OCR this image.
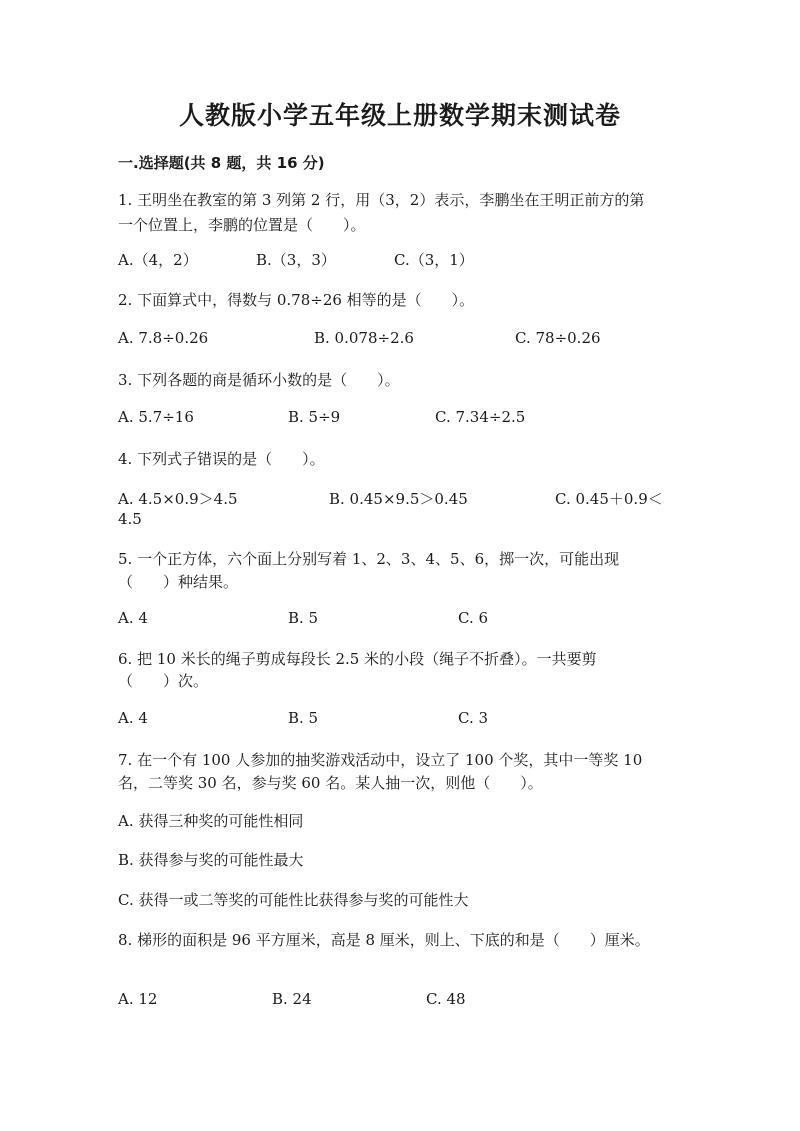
人教版小学五年级上册数学期末测试卷
一.选择题(共 8 题，共 16 分)
1. 王明坐在教室的第 3 列第 2 行，用（3，2）表示，李鹏坐在王明正前方的第
一个位置上，李鹏的位置是（　　）。
A.（4，2）	B.（3，3）	C.（3，1）
2. 下面算式中，得数与 0.78÷26 相等的是（　　）。
A. 7.8÷0.26	B. 0.078÷2.6	C. 78÷0.26
3. 下列各题的商是循环小数的是（　　）。
A. 5.7÷16	B. 5÷9	C. 7.34÷2.5
4. 下列式子错误的是（　　）。
A. 4.5×0.9＞4.5	B. 0.45×9.5＞0.45	C. 0.45＋0.9＜
4.5
5. 一个正方体，六个面上分别写着 1、2、3、4、5、6，掷一次，可能出现
（　　）种结果。
A. 4	B. 5	C. 6
6. 把 10 米长的绳子剪成每段长 2.5 米的小段（绳子不折叠）。一共要剪
（　　）次。
A. 4	B. 5	C. 3
7. 在一个有 100 人参加的抽奖游戏活动中，设立了 100 个奖，其中一等奖 10
名，二等奖 30 名，参与奖 60 名。某人抽一次，则他（　　）。
A. 获得三种奖的可能性相同
B. 获得参与奖的可能性最大
C. 获得一或二等奖的可能性比获得参与奖的可能性大
8. 梯形的面积是 96 平方厘米，高是 8 厘米，则上、下底的和是（　　）厘米。
A. 12	B. 24	C. 48
